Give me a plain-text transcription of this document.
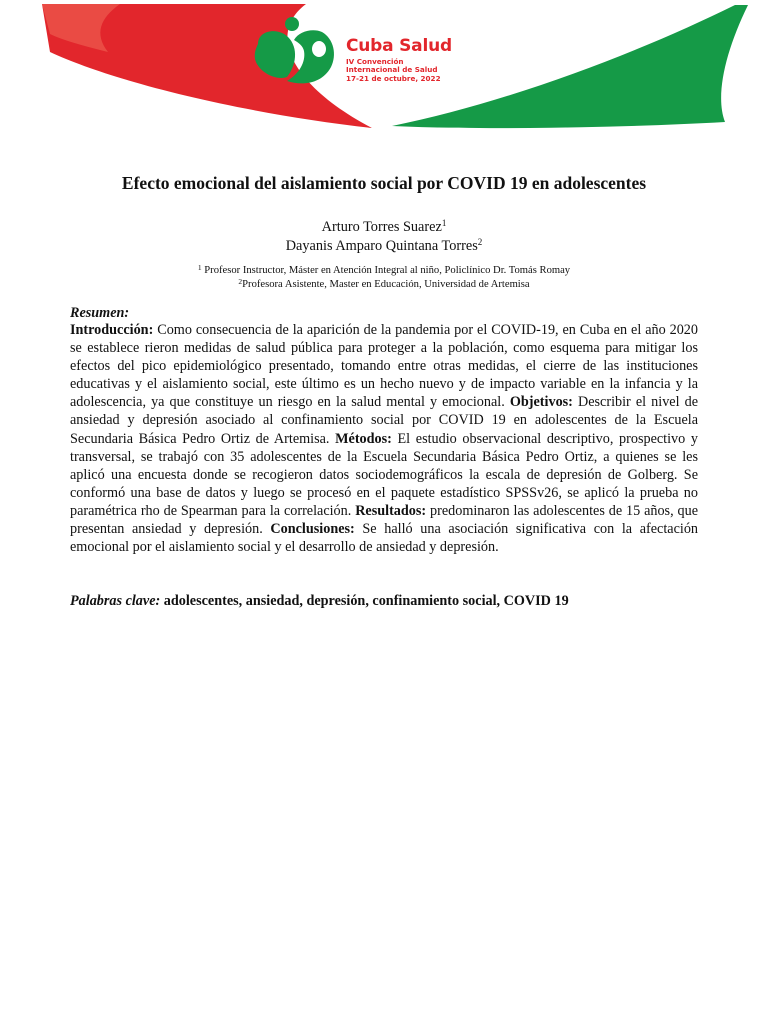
Cuba Salud
IV Convención
Internacional de Salud
17-21 de octubre, 2022
Efecto emocional del aislamiento social por COVID 19 en adolescentes
Arturo Torres Suarez$^1$
Dayanis Amparo Quintana Torres$^2$
$^1$ Profesor Instructor, Máster en Atención Integral al niño, Policlínico Dr. Tomás Romay
$^2$Profesora Asistente, Master en Educación, Universidad de Artemisa
Resumen:

Introducción: Como consecuencia de la aparición de la pandemia por el COVID-19, en Cuba en el año 2020 se establece rieron medidas de salud pública para proteger a la población, como esquema para mitigar los efectos del pico epidemiológico presentado, tomando entre otras medidas, el cierre de las instituciones educativas y el aislamiento social, este último es un hecho nuevo y de impacto variable en la infancia y la adolescencia, ya que constituye un riesgo en la salud mental y emocional. Objetivos: Describir el nivel de ansiedad y depresión asociado al confinamiento social por COVID 19 en adolescentes de la Escuela Secundaria Básica Pedro Ortiz de Artemisa. Métodos: El estudio observacional descriptivo, prospectivo y transversal, se trabajó con 35 adolescentes de la Escuela Secundaria Básica Pedro Ortiz, a quienes se les aplicó una encuesta donde se recogieron datos sociodemográficos la escala de depresión de Golberg. Se conformó una base de datos y luego se procesó en el paquete estadístico SPSSv26, se aplicó la prueba no paramétrica rho de Spearman para la correlación. Resultados: predominaron las adolescentes de 15 años, que presentan ansiedad y depresión. Conclusiones: Se halló una asociación significativa con la afectación emocional por el aislamiento social y el desarrollo de ansiedad y depresión.

Palabras clave: adolescentes, ansiedad, depresión, confinamiento social, COVID 19
